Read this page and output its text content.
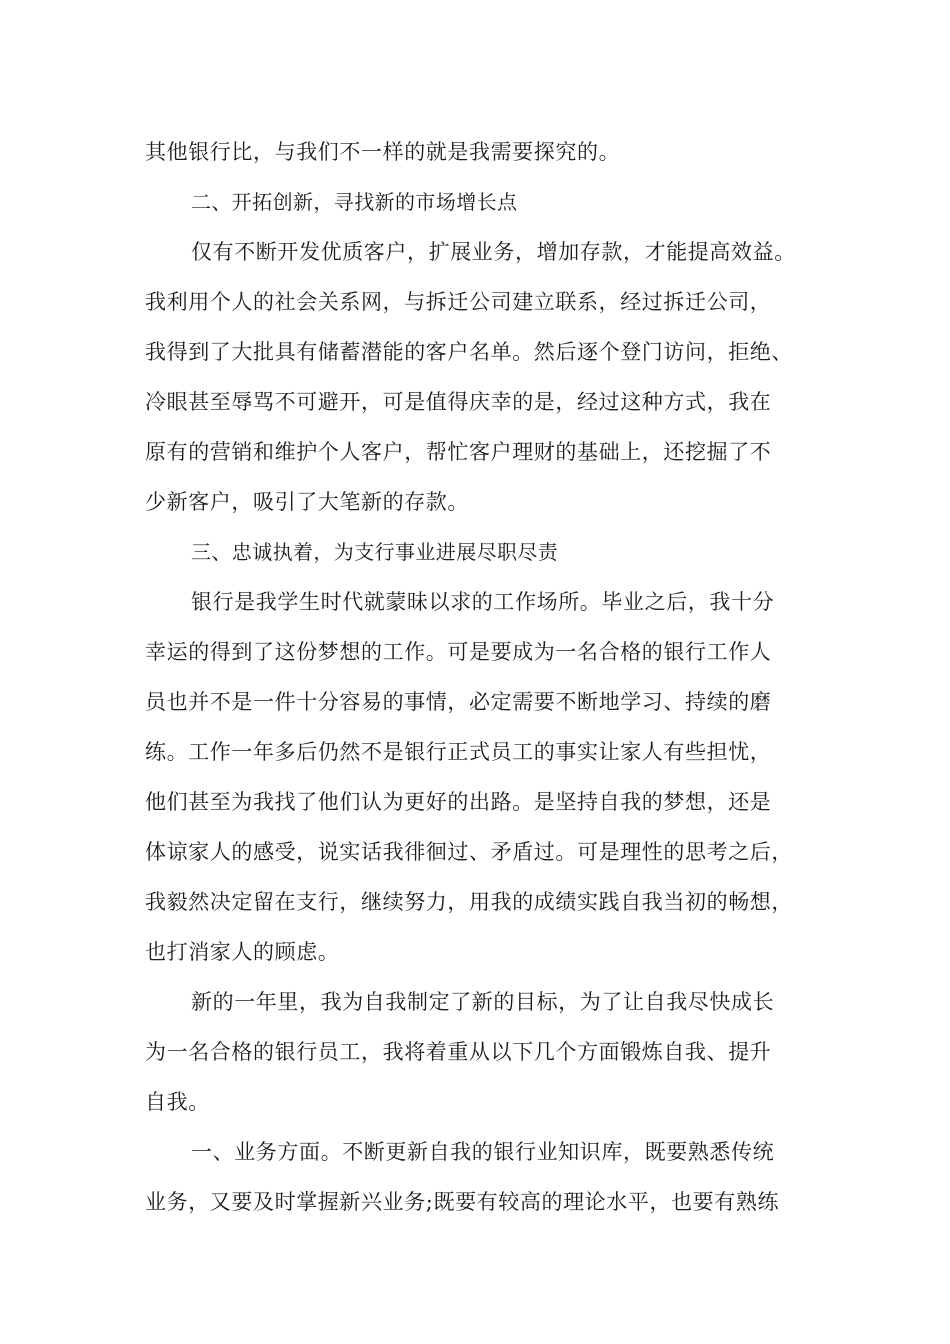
其他银行比，与我们不一样的就是我需要探究的。
二、开拓创新，寻找新的市场增长点
仅有不断开发优质客户，扩展业务，增加存款，才能提高效益。
我利用个人的社会关系网，与拆迁公司建立联系，经过拆迁公司，
我得到了大批具有储蓄潜能的客户名单。然后逐个登门访问，拒绝、
冷眼甚至辱骂不可避开，可是值得庆幸的是，经过这种方式，我在
原有的营销和维护个人客户，帮忙客户理财的基础上，还挖掘了不
少新客户，吸引了大笔新的存款。
三、忠诚执着，为支行事业进展尽职尽责
银行是我学生时代就蒙昧以求的工作场所。毕业之后，我十分
幸运的得到了这份梦想的工作。可是要成为一名合格的银行工作人
员也并不是一件十分容易的事情，必定需要不断地学习、持续的磨
练。工作一年多后仍然不是银行正式员工的事实让家人有些担忧，
他们甚至为我找了他们认为更好的出路。是坚持自我的梦想，还是
体谅家人的感受，说实话我徘徊过、矛盾过。可是理性的思考之后，
我毅然决定留在支行，继续努力，用我的成绩实践自我当初的畅想，
也打消家人的顾虑。
新的一年里，我为自我制定了新的目标，为了让自我尽快成长
为一名合格的银行员工，我将着重从以下几个方面锻炼自我、提升
自我。
一、业务方面。不断更新自我的银行业知识库，既要熟悉传统
业务，又要及时掌握新兴业务;既要有较高的理论水平，也要有熟练
